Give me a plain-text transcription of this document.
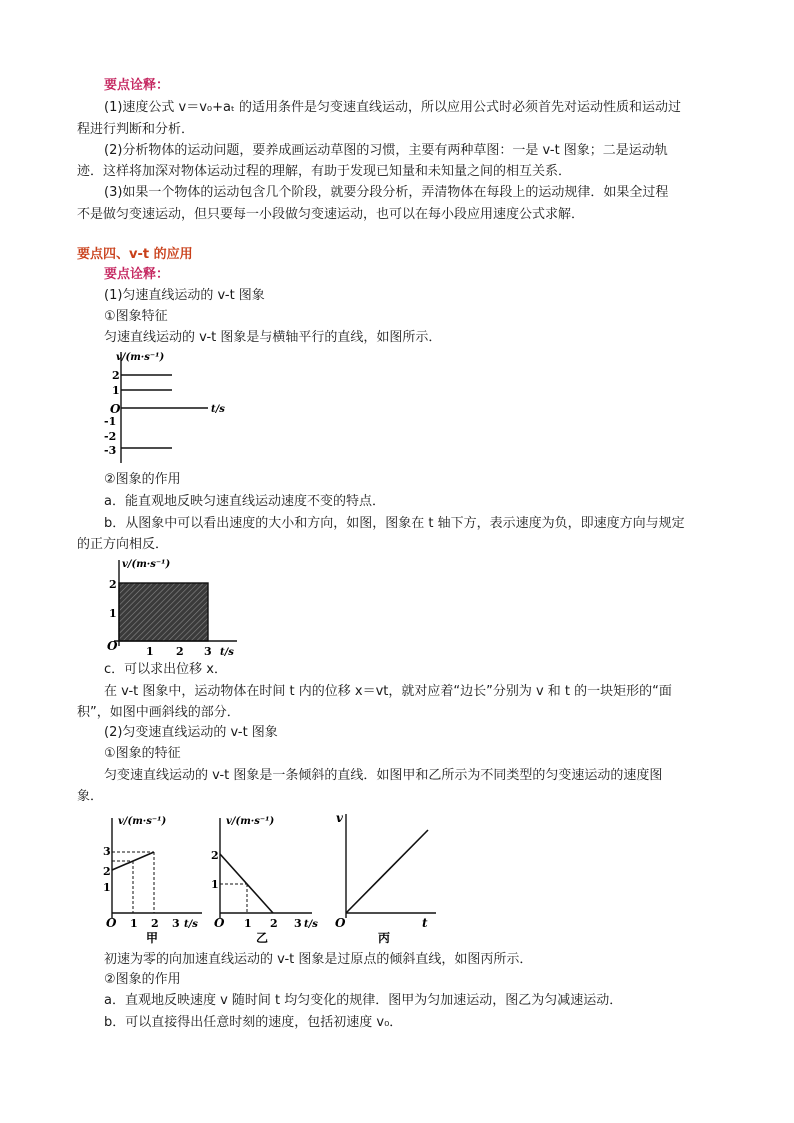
要点诠释：
(1)速度公式 v＝v₀+aₜ 的适用条件是匀变速直线运动，所以应用公式时必须首先对运动性质和运动过
程进行判断和分析．
(2)分析物体的运动问题，要养成画运动草图的习惯，主要有两种草图：一是 v-t 图象；二是运动轨
迹．这样将加深对物体运动过程的理解，有助于发现已知量和未知量之间的相互关系．
(3)如果一个物体的运动包含几个阶段，就要分段分析，弄清物体在每段上的运动规律．如果全过程
不是做匀变速运动，但只要每一小段做匀变速运动，也可以在每小段应用速度公式求解．
要点四、v-t 的应用
要点诠释：
(1)匀速直线运动的 v-t 图象
①图象特征
匀速直线运动的 v-t 图象是与横轴平行的直线，如图所示．
v/(m·s⁻¹)
t/s
O
2
1
-1
-2
-3
②图象的作用
a．能直观地反映匀速直线运动速度不变的特点．
b．从图象中可以看出速度的大小和方向，如图，图象在 t 轴下方，表示速度为负，即速度方向与规定
的正方向相反．
v/(m·s⁻¹)
2
1
O	1 2 3 t/s
c．可以求出位移 x．
在 v-t 图象中，运动物体在时间 t 内的位移 x＝vt，就对应着“边长”分别为 v 和 t 的一块矩形的“面
积”，如图中画斜线的部分．
(2)匀变速直线运动的 v-t 图象
①图象的特征
匀变速直线运动的 v-t 图象是一条倾斜的直线．如图甲和乙所示为不同类型的匀变速运动的速度图
象．
v/(m·s⁻¹)
3
2
1
O 1 2 3 t/s
甲
v/(m·s⁻¹)
2
1
O 1 2 3 t/s
乙
v
O	t
丙
初速为零的向加速直线运动的 v-t 图象是过原点的倾斜直线，如图丙所示．
②图象的作用
a．直观地反映速度 v 随时间 t 均匀变化的规律．图甲为匀加速运动，图乙为匀减速运动．
b．可以直接得出任意时刻的速度，包括初速度 v₀．
